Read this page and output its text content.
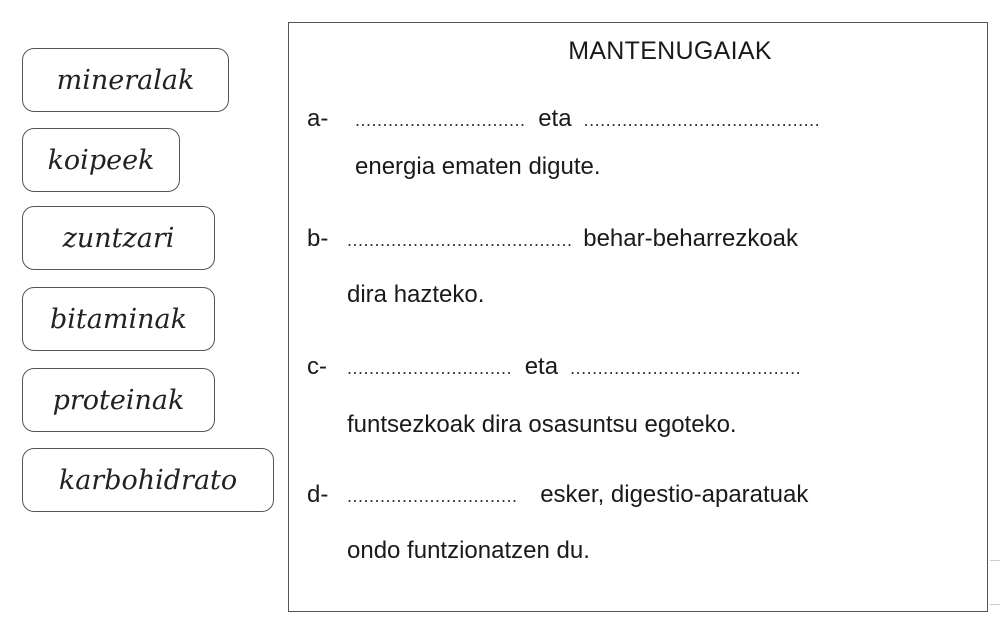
mineralak
koipeek
zuntzari
bitaminak
proteinak
karbohidrato
MANTENUGAIAK
a- ............................... eta ...........................................
energia ematen digute.
b- ......................................... behar-beharrezkoak
dira hazteko.
c- .............................. eta ..........................................
funtsezkoak dira osasuntsu egoteko.
d- ............................... esker, digestio-aparatuak
ondo funtzionatzen du.
